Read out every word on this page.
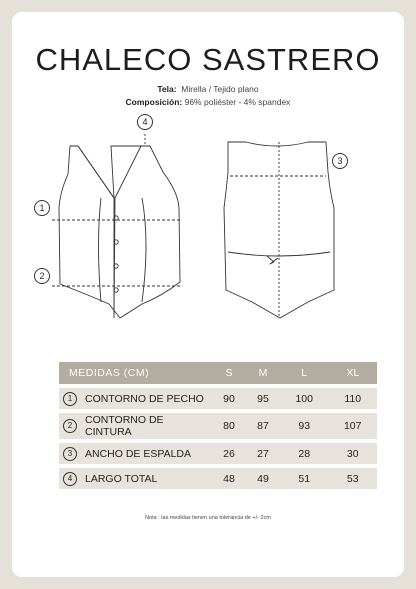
CHALECO SASTRERO
Tela: Mirella / Tejido plano
Composición: 96% poliéster - 4% spandex
4
1
2
3
MEDIDAS (CM)		S	M	L	XL
1	CONTORNO DE PECHO	90	95	100	110
2	CONTORNO DE CINTURA	80	87	93	107
3	ANCHO DE ESPALDA	26	27	28	30
4	LARGO TOTAL	48	49	51	53
Nota : las medidas tienen una tolerancia de +/- 2cm
